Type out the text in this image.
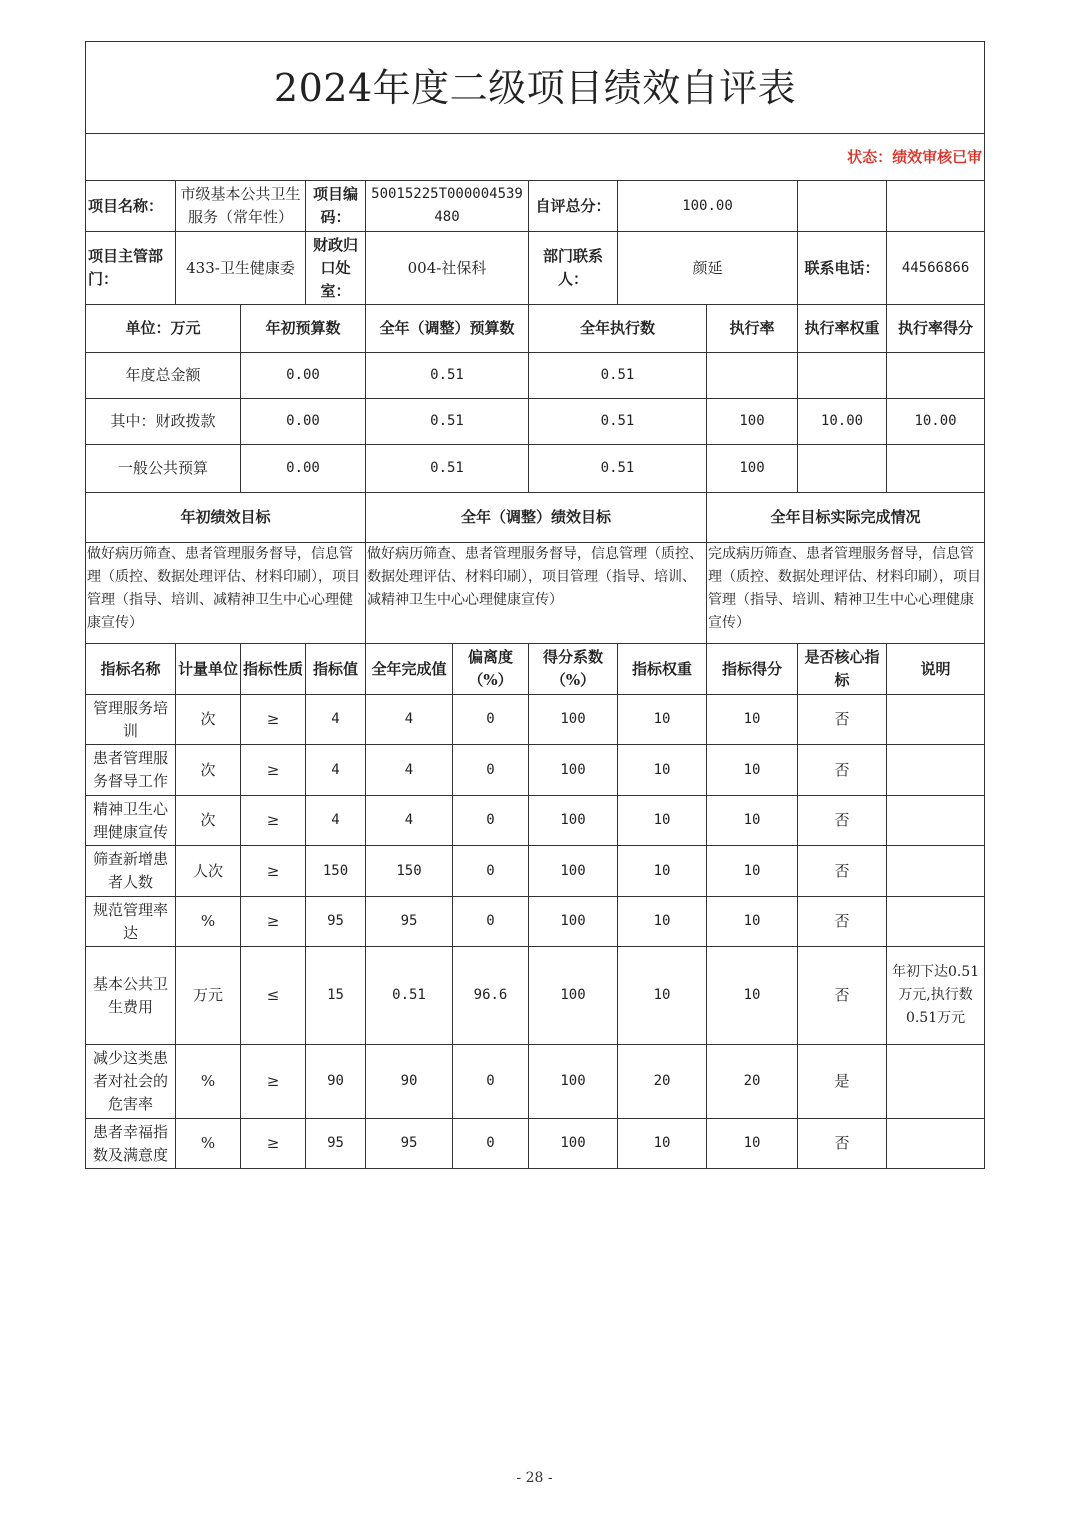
2024年度二级项目绩效自评表										
状态：绩效审核已审										
项目名称：	市级基本公共卫生服务（常年性）		项目编码：	50015225T000004539480		自评总分：	100.00			
项目主管部门：	433-卫生健康委		财政归口处室：	004-社保科		部门联系人：	颜延		联系电话：	44566866
单位：万元		年初预算数		全年（调整）预算数		全年执行数		执行率	执行率权重	执行率得分
年度总金额		0.00		0.51		0.51				
其中：财政拨款		0.00		0.51		0.51		100	10.00	10.00
一般公共预算		0.00		0.51		0.51		100		
年初绩效目标				全年（调整）绩效目标				全年目标实际完成情况		
做好病历筛查、患者管理服务督导，信息管理（质控、数据处理评估、材料印刷），项目管理（指导、培训、减精神卫生中心心理健康宣传）				做好病历筛查、患者管理服务督导，信息管理（质控、数据处理评估、材料印刷），项目管理（指导、培训、减精神卫生中心心理健康宣传）				完成病历筛查、患者管理服务督导，信息管理（质控、数据处理评估、材料印刷），项目管理（指导、培训、精神卫生中心心理健康宣传）		
指标名称	计量单位	指标性质	指标值	全年完成值	偏离度（%）	得分系数（%）	指标权重	指标得分	是否核心指标	说明
管理服务培训	次	≥	4	4	0	100	10	10	否	
患者管理服务督导工作	次	≥	4	4	0	100	10	10	否	
精神卫生心理健康宣传	次	≥	4	4	0	100	10	10	否	
筛查新增患者人数	人次	≥	150	150	0	100	10	10	否	
规范管理率达	%	≥	95	95	0	100	10	10	否	
基本公共卫生费用	万元	≤	15	0.51	96.6	100	10	10	否	年初下达0.51万元,执行数0.51万元
减少这类患者对社会的危害率	%	≥	90	90	0	100	20	20	是	
患者幸福指数及满意度	%	≥	95	95	0	100	10	10	否	
- 28 -
